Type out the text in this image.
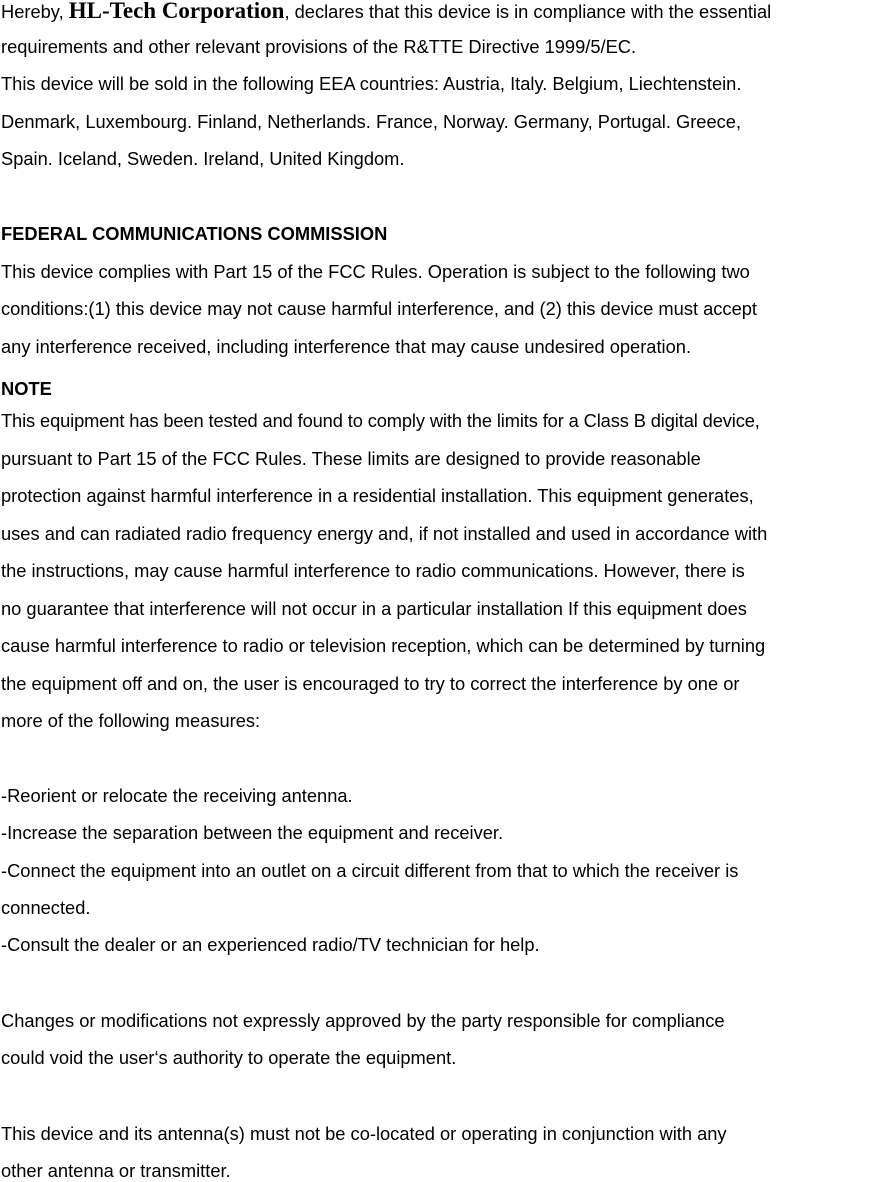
Hereby, HL-Tech Corporation, declares that this device is in compliance with the essential
requirements and other relevant provisions of the R&TTE Directive 1999/5/EC.
This device will be sold in the following EEA countries: Austria, Italy. Belgium, Liechtenstein.
Denmark, Luxembourg. Finland, Netherlands. France, Norway. Germany, Portugal. Greece,
Spain. Iceland, Sweden. Ireland, United Kingdom.
FEDERAL COMMUNICATIONS COMMISSION
This device complies with Part 15 of the FCC Rules. Operation is subject to the following two
conditions:(1) this device may not cause harmful interference, and (2) this device must accept
any interference received, including interference that may cause undesired operation.
NOTE
This equipment has been tested and found to comply with the limits for a Class B digital device,
pursuant to Part 15 of the FCC Rules. These limits are designed to provide reasonable
protection against harmful interference in a residential installation. This equipment generates,
uses and can radiated radio frequency energy and, if not installed and used in accordance with
the instructions, may cause harmful interference to radio communications. However, there is
no guarantee that interference will not occur in a particular installation If this equipment does
cause harmful interference to radio or television reception, which can be determined by turning
the equipment off and on, the user is encouraged to try to correct the interference by one or
more of the following measures:
-Reorient or relocate the receiving antenna.
-Increase the separation between the equipment and receiver.
-Connect the equipment into an outlet on a circuit different from that to which the receiver is
connected.
-Consult the dealer or an experienced radio/TV technician for help.
Changes or modifications not expressly approved by the party responsible for compliance
could void the user‘s authority to operate the equipment.
This device and its antenna(s) must not be co-located or operating in conjunction with any
other antenna or transmitter.
